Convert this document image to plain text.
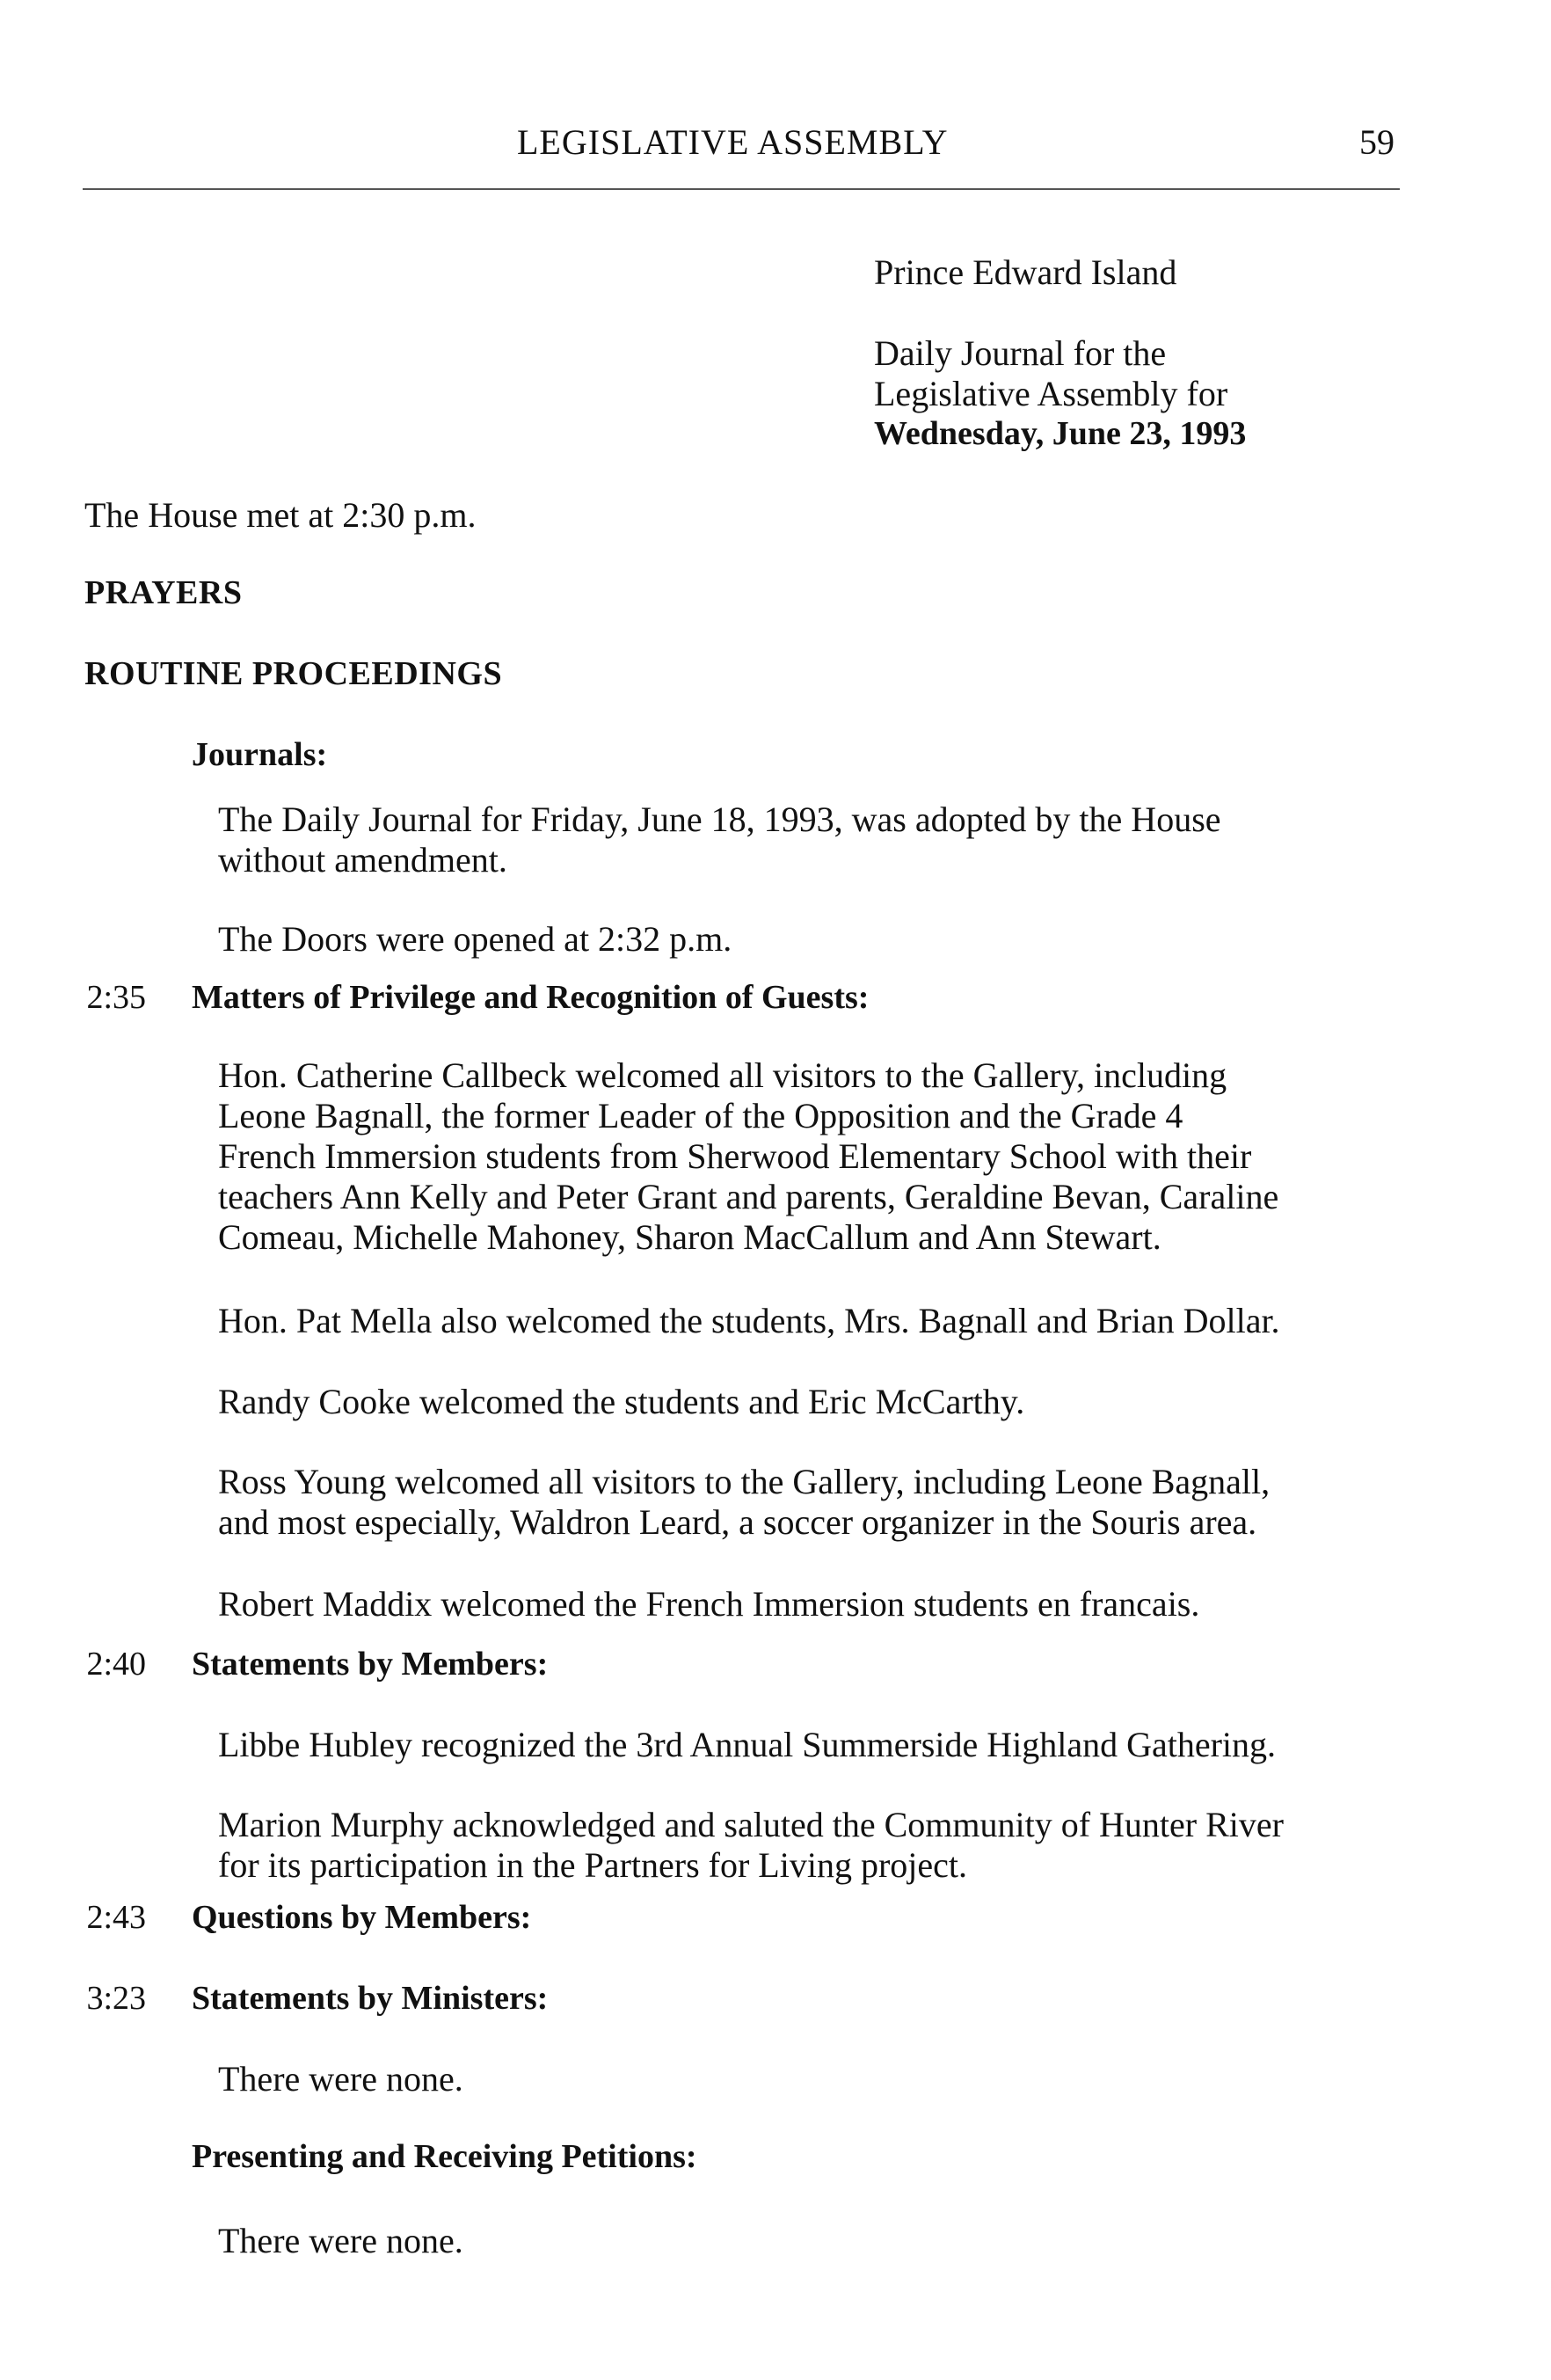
LEGISLATIVE ASSEMBLY	59
Prince Edward Island
Daily Journal for the
Legislative Assembly for
Wednesday, June 23, 1993
The House met at 2:30 p.m.
PRAYERS
ROUTINE PROCEEDINGS
Journals:
The Daily Journal for Friday, June 18, 1993, was adopted by the House
without amendment.
The Doors were opened at 2:32 p.m.
2:35 Matters of Privilege and Recognition of Guests:
Hon. Catherine Callbeck welcomed all visitors to the Gallery, including
Leone Bagnall, the former Leader of the Opposition and the Grade 4
French Immersion students from Sherwood Elementary School with their
teachers Ann Kelly and Peter Grant and parents, Geraldine Bevan, Caraline
Comeau, Michelle Mahoney, Sharon MacCallum and Ann Stewart.
Hon. Pat Mella also welcomed the students, Mrs. Bagnall and Brian Dollar.
Randy Cooke welcomed the students and Eric McCarthy.
Ross Young welcomed all visitors to the Gallery, including Leone Bagnall,
and most especially, Waldron Leard, a soccer organizer in the Souris area.
Robert Maddix welcomed the French Immersion students en francais.
2:40 Statements by Members:
Libbe Hubley recognized the 3rd Annual Summerside Highland Gathering.
Marion Murphy acknowledged and saluted the Community of Hunter River
for its participation in the Partners for Living project.
2:43 Questions by Members:
3:23 Statements by Ministers:
There were none.
Presenting and Receiving Petitions:
There were none.
